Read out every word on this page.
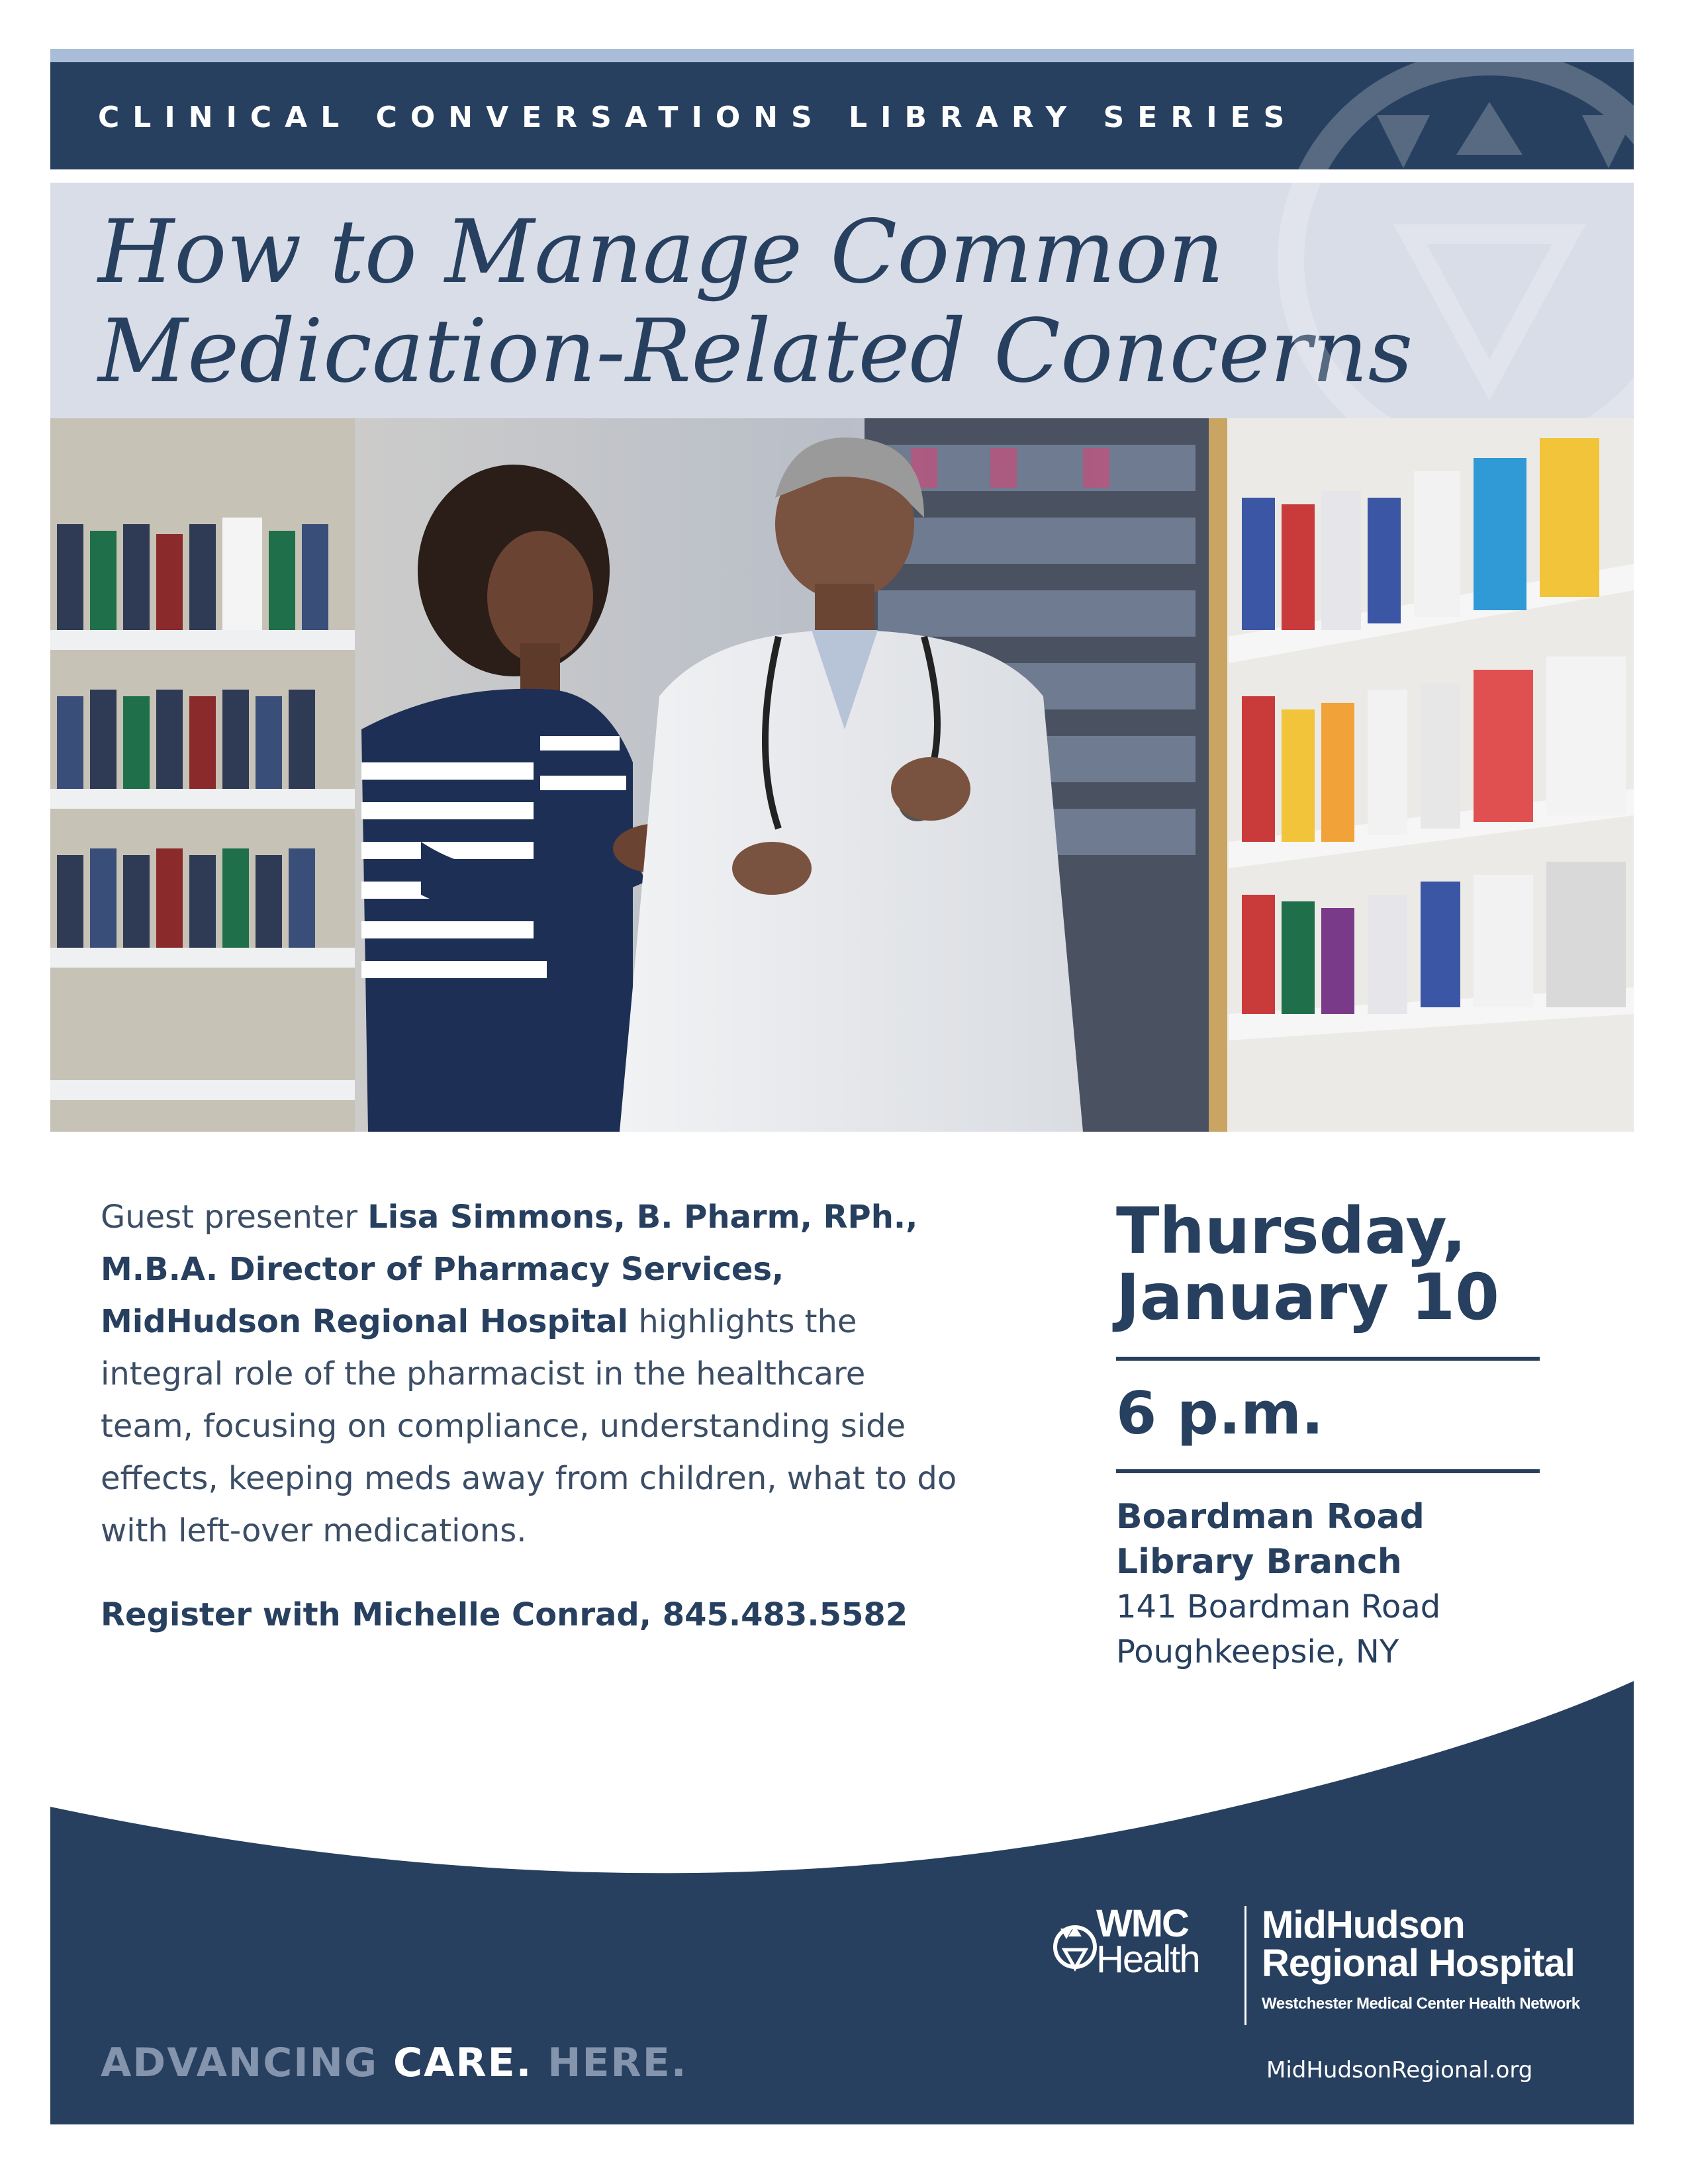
CLINICAL CONVERSATIONS LIBRARY SERIES
How to Manage Common
Medication-Related Concerns

Guest presenter Lisa Simmons, B. Pharm, RPh., M.B.A. Director of Pharmacy Services, MidHudson Regional Hospital highlights the integral role of the pharmacist in the healthcare team, focusing on compliance, understanding side effects, keeping meds away from children, what to do with left-over medications.

Register with Michelle Conrad, 845.483.5582

Thursday,
January 10

6 p.m.

Boardman Road
Library Branch
141 Boardman Road
Poughkeepsie, NY
ADVANCING CARE. HERE.
WMC
Health
MidHudson
Regional Hospital
Westchester Medical Center Health Network
MidHudsonRegional.org
